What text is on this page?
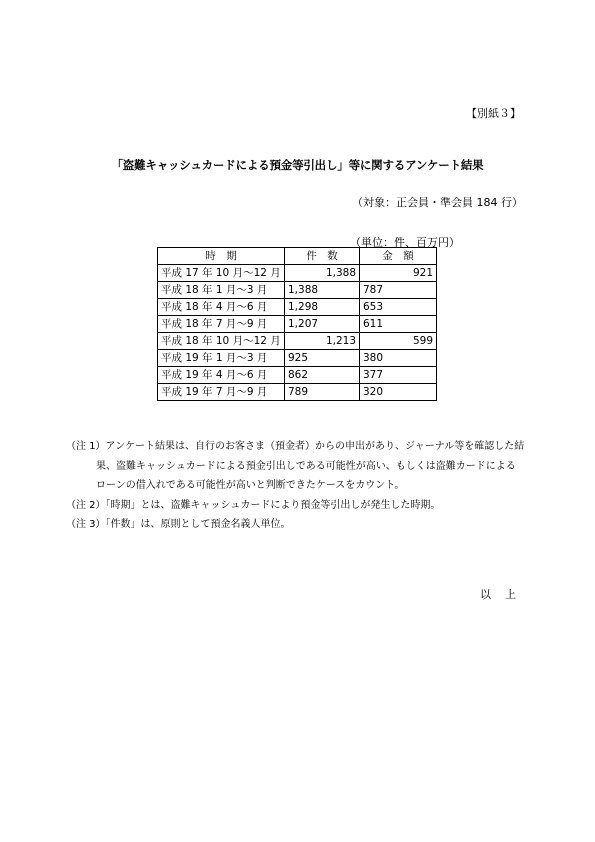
【別紙３】
「盗難キャッシュカードによる預金等引出し」等に関するアンケート結果
（対象：正会員・準会員 184 行）
（単位：件、百万円）
時　期	件　数	金　額
平成 17 年 10 月～12 月	1,388	921
平成 18 年 1 月～3 月	1,388	787
平成 18 年 4 月～6 月	1,298	653
平成 18 年 7 月～9 月	1,207	611
平成 18 年 10 月～12 月	1,213	599
平成 19 年 1 月～3 月	925	380
平成 19 年 4 月～6 月	862	377
平成 19 年 7 月～9 月	789	320
（注 1）アンケート結果は、自行のお客さま（預金者）からの申出があり、ジャーナル等を確認した結
果、盗難キャッシュカードによる預金引出しである可能性が高い、もしくは盗難カードによる
ローンの借入れである可能性が高いと判断できたケースをカウント。
（注 2）「時期」とは、盗難キャッシュカードにより預金等引出しが発生した時期。
（注 3）「件数」は、原則として預金名義人単位。
以上
